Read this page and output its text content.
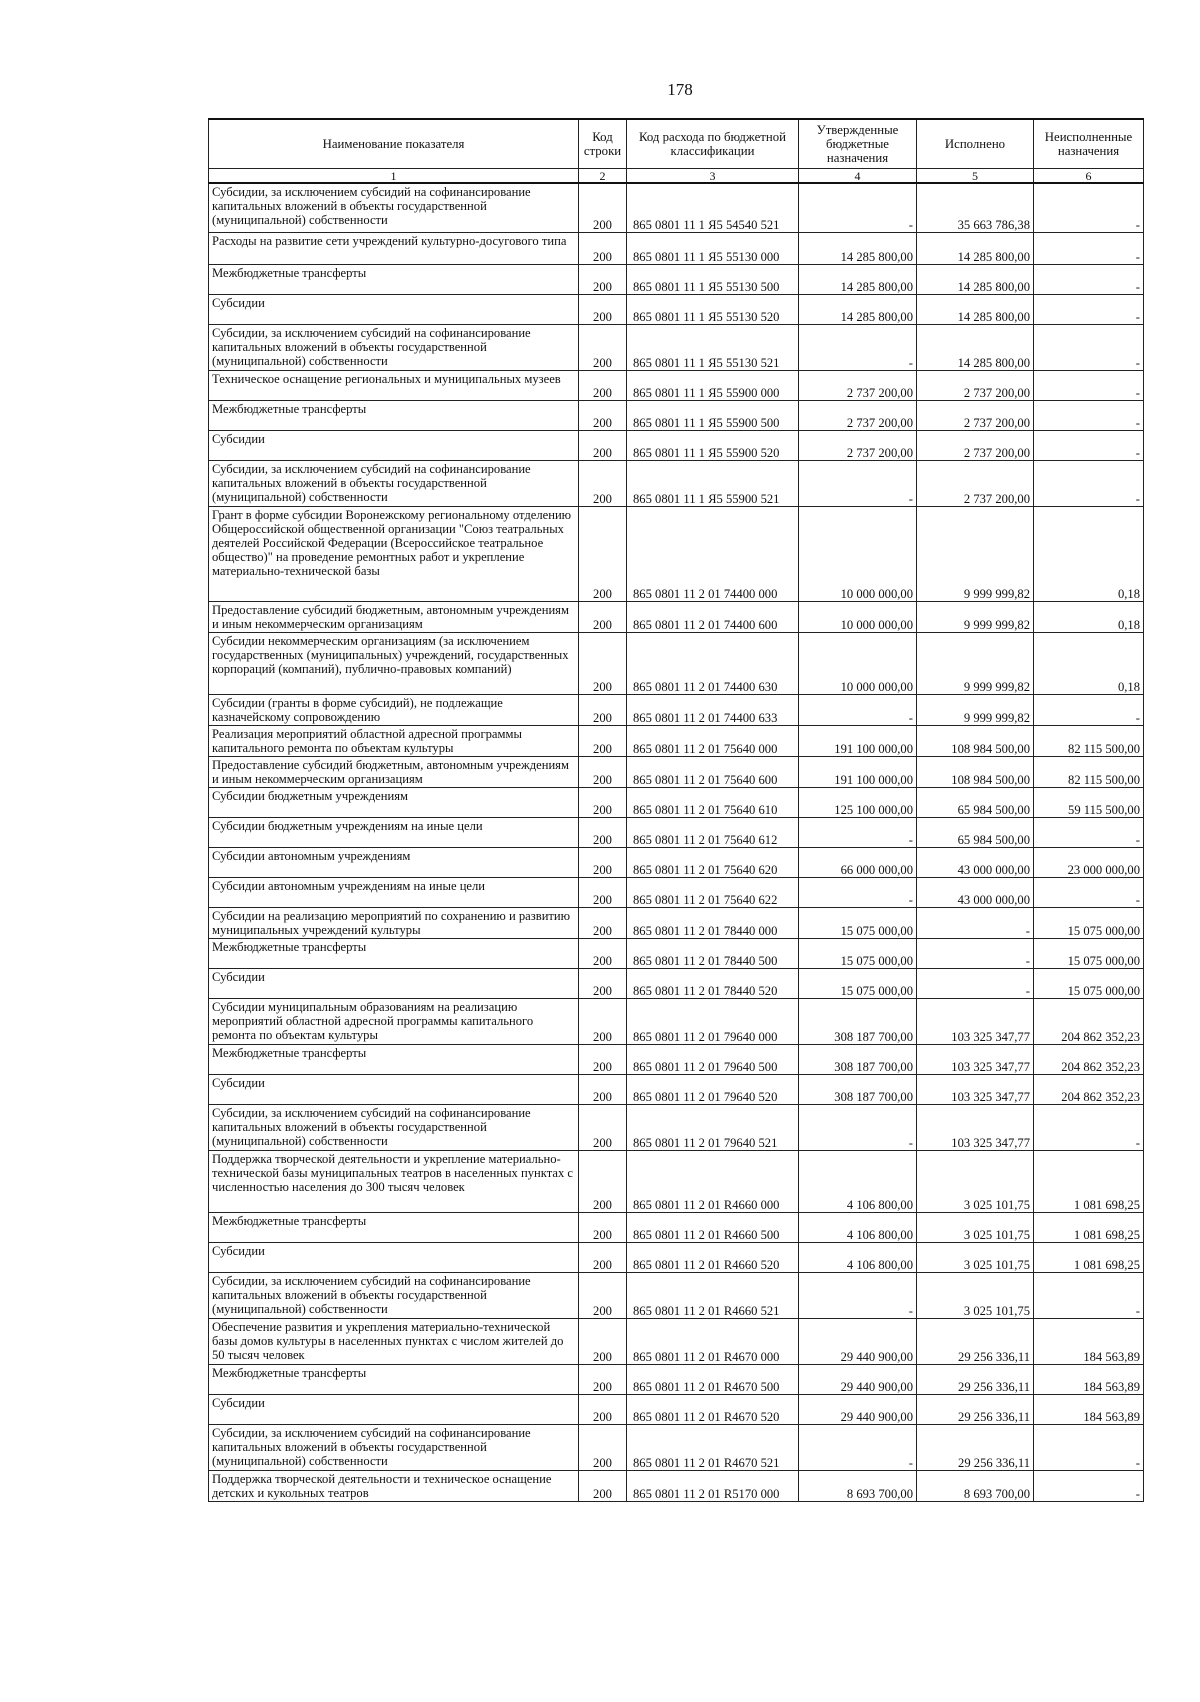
178
Наименование показателя	Код строки	Код расхода по бюджетной классификации	Утвержденные бюджетные назначения	Исполнено	Неисполненные назначения
1	2	3	4	5	6
Субсидии, за исключением субсидий на софинансирование капитальных вложений в объекты государственной (муниципальной) собственности	200	865 0801 11 1 Я5 54540 521	-	35 663 786,38	-
Расходы на развитие сети учреждений культурно-досугового типа	200	865 0801 11 1 Я5 55130 000	14 285 800,00	14 285 800,00	-
Межбюджетные трансферты	200	865 0801 11 1 Я5 55130 500	14 285 800,00	14 285 800,00	-
Субсидии	200	865 0801 11 1 Я5 55130 520	14 285 800,00	14 285 800,00	-
Субсидии, за исключением субсидий на софинансирование капитальных вложений в объекты государственной (муниципальной) собственности	200	865 0801 11 1 Я5 55130 521	-	14 285 800,00	-
Техническое оснащение региональных и муниципальных музеев	200	865 0801 11 1 Я5 55900 000	2 737 200,00	2 737 200,00	-
Межбюджетные трансферты	200	865 0801 11 1 Я5 55900 500	2 737 200,00	2 737 200,00	-
Субсидии	200	865 0801 11 1 Я5 55900 520	2 737 200,00	2 737 200,00	-
Субсидии, за исключением субсидий на софинансирование капитальных вложений в объекты государственной (муниципальной) собственности	200	865 0801 11 1 Я5 55900 521	-	2 737 200,00	-
Грант в форме субсидии Воронежскому региональному отделению Общероссийской общественной организации "Союз театральных деятелей Российской Федерации (Всероссийское театральное общество)" на проведение ремонтных работ и укрепление материально-технической базы	200	865 0801 11 2 01 74400 000	10 000 000,00	9 999 999,82	0,18
Предоставление субсидий бюджетным, автономным учреждениям и иным некоммерческим организациям	200	865 0801 11 2 01 74400 600	10 000 000,00	9 999 999,82	0,18
Субсидии некоммерческим организациям (за исключением государственных (муниципальных) учреждений, государственных корпораций (компаний), публично-правовых компаний)	200	865 0801 11 2 01 74400 630	10 000 000,00	9 999 999,82	0,18
Субсидии (гранты в форме субсидий), не подлежащие казначейскому сопровождению	200	865 0801 11 2 01 74400 633	-	9 999 999,82	-
Реализация мероприятий областной адресной программы капитального ремонта по объектам культуры	200	865 0801 11 2 01 75640 000	191 100 000,00	108 984 500,00	82 115 500,00
Предоставление субсидий бюджетным, автономным учреждениям и иным некоммерческим организациям	200	865 0801 11 2 01 75640 600	191 100 000,00	108 984 500,00	82 115 500,00
Субсидии бюджетным учреждениям	200	865 0801 11 2 01 75640 610	125 100 000,00	65 984 500,00	59 115 500,00
Субсидии бюджетным учреждениям на иные цели	200	865 0801 11 2 01 75640 612	-	65 984 500,00	-
Субсидии автономным учреждениям	200	865 0801 11 2 01 75640 620	66 000 000,00	43 000 000,00	23 000 000,00
Субсидии автономным учреждениям на иные цели	200	865 0801 11 2 01 75640 622	-	43 000 000,00	-
Субсидии на реализацию мероприятий по сохранению и развитию муниципальных учреждений культуры	200	865 0801 11 2 01 78440 000	15 075 000,00	-	15 075 000,00
Межбюджетные трансферты	200	865 0801 11 2 01 78440 500	15 075 000,00	-	15 075 000,00
Субсидии	200	865 0801 11 2 01 78440 520	15 075 000,00	-	15 075 000,00
Субсидии муниципальным образованиям на реализацию мероприятий областной адресной программы капитального ремонта по объектам культуры	200	865 0801 11 2 01 79640 000	308 187 700,00	103 325 347,77	204 862 352,23
Межбюджетные трансферты	200	865 0801 11 2 01 79640 500	308 187 700,00	103 325 347,77	204 862 352,23
Субсидии	200	865 0801 11 2 01 79640 520	308 187 700,00	103 325 347,77	204 862 352,23
Субсидии, за исключением субсидий на софинансирование капитальных вложений в объекты государственной (муниципальной) собственности	200	865 0801 11 2 01 79640 521	-	103 325 347,77	-
Поддержка творческой деятельности и укрепление материально-технической базы муниципальных театров в населенных пунктах с численностью населения до 300 тысяч человек	200	865 0801 11 2 01 R4660 000	4 106 800,00	3 025 101,75	1 081 698,25
Межбюджетные трансферты	200	865 0801 11 2 01 R4660 500	4 106 800,00	3 025 101,75	1 081 698,25
Субсидии	200	865 0801 11 2 01 R4660 520	4 106 800,00	3 025 101,75	1 081 698,25
Субсидии, за исключением субсидий на софинансирование капитальных вложений в объекты государственной (муниципальной) собственности	200	865 0801 11 2 01 R4660 521	-	3 025 101,75	-
Обеспечение развития и укрепления материально-технической базы домов культуры в населенных пунктах с числом жителей до 50 тысяч человек	200	865 0801 11 2 01 R4670 000	29 440 900,00	29 256 336,11	184 563,89
Межбюджетные трансферты	200	865 0801 11 2 01 R4670 500	29 440 900,00	29 256 336,11	184 563,89
Субсидии	200	865 0801 11 2 01 R4670 520	29 440 900,00	29 256 336,11	184 563,89
Субсидии, за исключением субсидий на софинансирование капитальных вложений в объекты государственной (муниципальной) собственности	200	865 0801 11 2 01 R4670 521	-	29 256 336,11	-
Поддержка творческой деятельности и техническое оснащение детских и кукольных театров	200	865 0801 11 2 01 R5170 000	8 693 700,00	8 693 700,00	-
